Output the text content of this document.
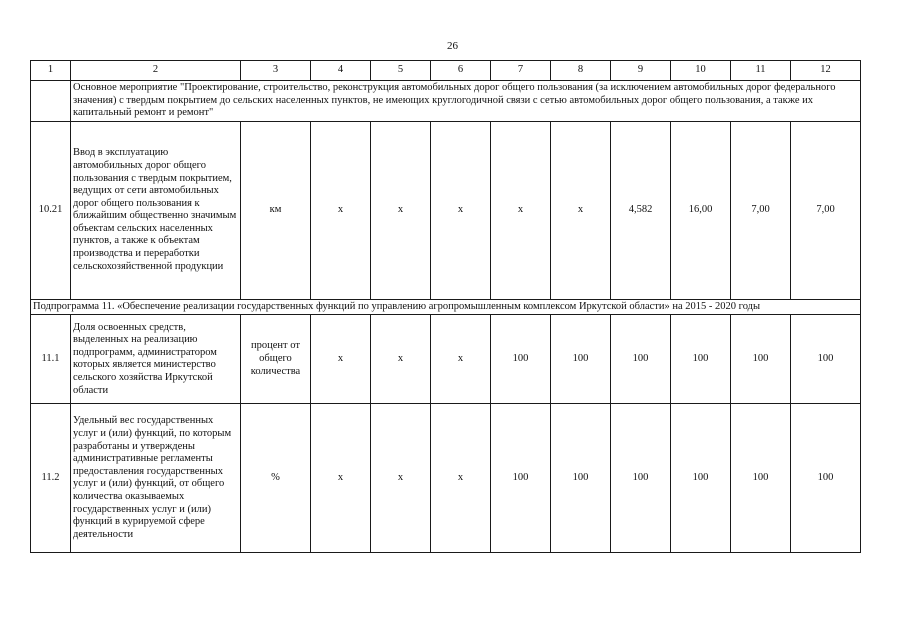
26
1	2	3	4	5	6	7	8	9	10	11	12
	Основное мероприятие "Проектирование, строительство, реконструкция автомобильных дорог общего пользования (за исключением автомобильных дорог федерального значения) с твердым покрытием до сельских населенных пунктов, не имеющих круглогодичной связи с сетью автомобильных дорог общего пользования, а также их капитальный ремонт и ремонт"										
10.21	Ввод в эксплуатацию автомобильных дорог общего пользования с твердым покрытием, ведущих от сети автомобильных дорог общего пользования к ближайшим общественно значимым объектам сельских населенных пунктов, а также к объектам производства и переработки сельскохозяйственной продукции	км	х	х	х	х	х	4,582	16,00	7,00	7,00
Подпрограмма 11. «Обеспечение реализации государственных функций по управлению агропромышленным комплексом Иркутской области» на 2015 - 2020 годы											
11.1	Доля освоенных средств, выделенных на реализацию подпрограмм, администратором которых является министерство сельского хозяйства Иркутской области	процент от общего количества	х	х	х	100	100	100	100	100	100
11.2	Удельный вес государственных услуг и (или) функций, по которым разработаны и утверждены административные регламенты предоставления государственных услуг и (или) функций, от общего количества оказываемых государственных услуг и (или) функций в курируемой сфере деятельности	%	х	х	х	100	100	100	100	100	100
